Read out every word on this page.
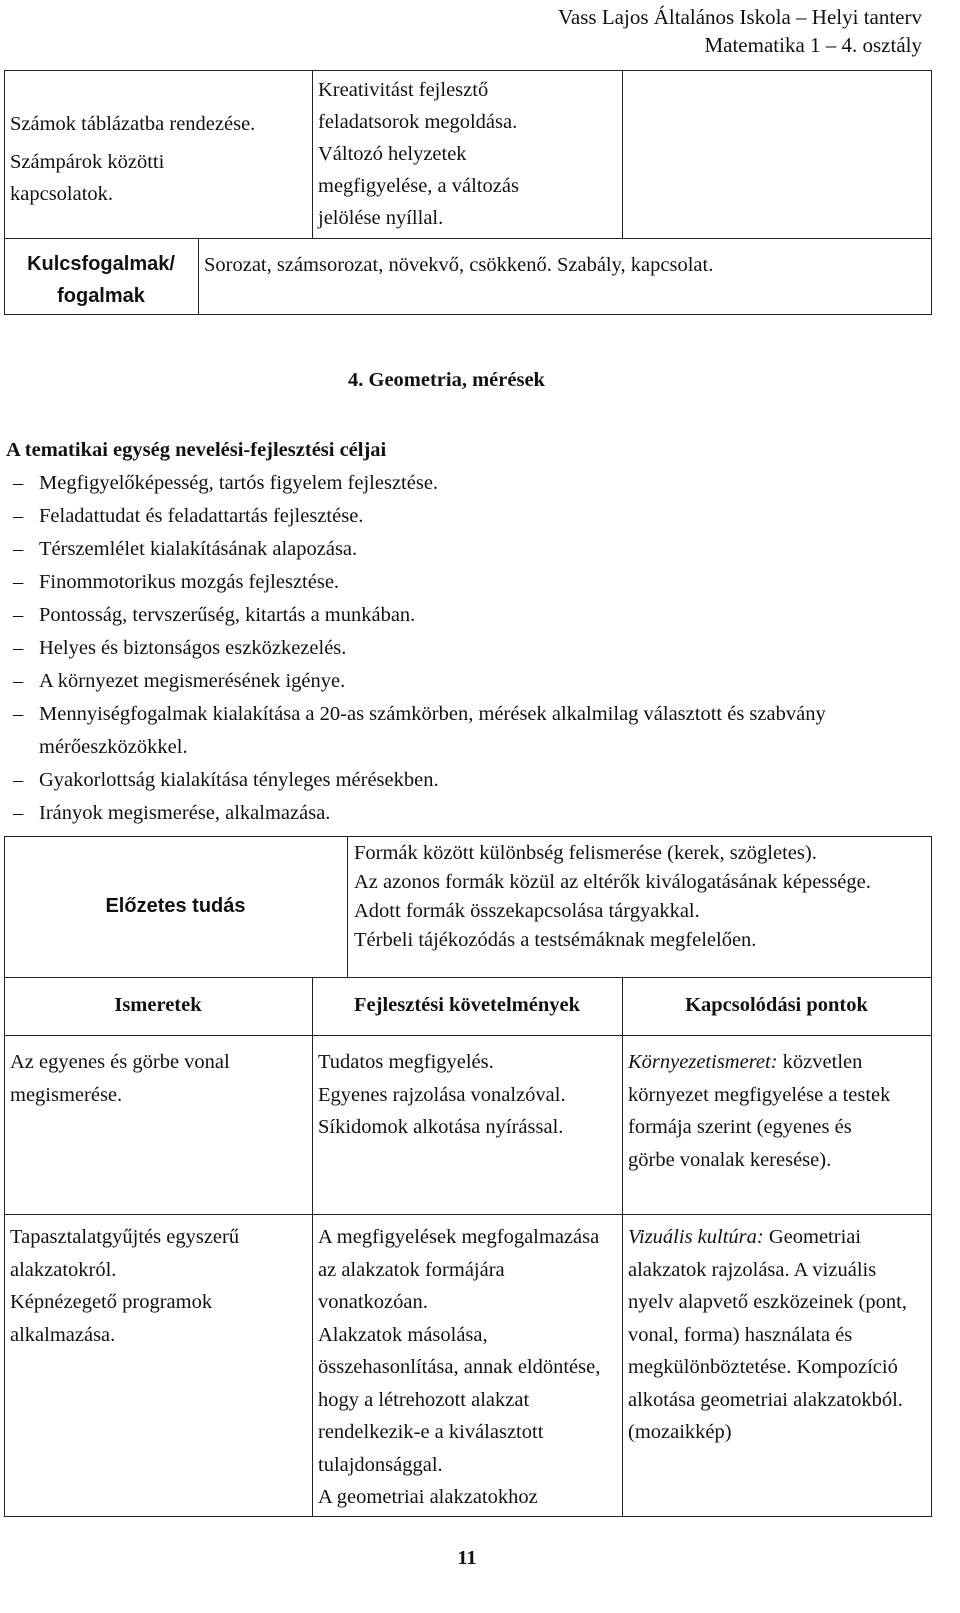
Vass Lajos Általános Iskola – Helyi tanterv
Matematika 1 – 4. osztály

Számok táblázatba rendezése.

Számpárok közötti kapcsolatok.

Kreativitást fejlesztő feladatsorok megoldása.

Változó helyzetek megfigyelése, a változás jelölése nyíllal.

Kulcsfogalmak/ fogalmak
Sorozat, számsorozat, növekvő, csökkenő. Szabály, kapcsolat.
4. Geometria, mérések
A tematikai egység nevelési-fejlesztési céljai
– Megfigyelőképesség, tartós figyelem fejlesztése.
– Feladattudat és feladattartás fejlesztése.
– Térszemlélet kialakításának alapozása.
– Finommotorikus mozgás fejlesztése.
– Pontosság, tervszerűség, kitartás a munkában.
– Helyes és biztonságos eszközkezelés.
– A környezet megismerésének igénye.
– Mennyiségfogalmak kialakítása a 20-as számkörben, mérések alkalmilag választott és szabvány mérőeszközökkel.
– Gyakorlottság kialakítása tényleges mérésekben.
– Irányok megismerése, alkalmazása.
Előzetes tudás

Formák között különbség felismerése (kerek, szögletes).

Az azonos formák közül az eltérők kiválogatásának képessége.

Adott formák összekapcsolása tárgyakkal.

Térbeli tájékozódás a testsémáknak megfelelően.

Ismeretek	Fejlesztési követelmények	Kapcsolódási pontok

Az egyenes és görbe vonal megismerése.

Tudatos megfigyelés.

Egyenes rajzolása vonalzóval.

Síkidomok alkotása nyírással.

Környezetismeret: közvetlen környezet megfigyelése a testek formája szerint (egyenes és görbe vonalak keresése).

Tapasztalatgyűjtés egyszerű alakzatokról.

Képnézegető programok alkalmazása.

A megfigyelések megfogalmazása az alakzatok formájára vonatkozóan.

Alakzatok másolása, összehasonlítása, annak eldöntése, hogy a létrehozott alakzat rendelkezik-e a kiválasztott tulajdonsággal.

A geometriai alakzatokhoz

Vizuális kultúra: Geometriai alakzatok rajzolása. A vizuális nyelv alapvető eszközeinek (pont, vonal, forma) használata és megkülönböztetése. Kompozíció alkotása geometriai alakzatokból.(mozaikkép)

11
